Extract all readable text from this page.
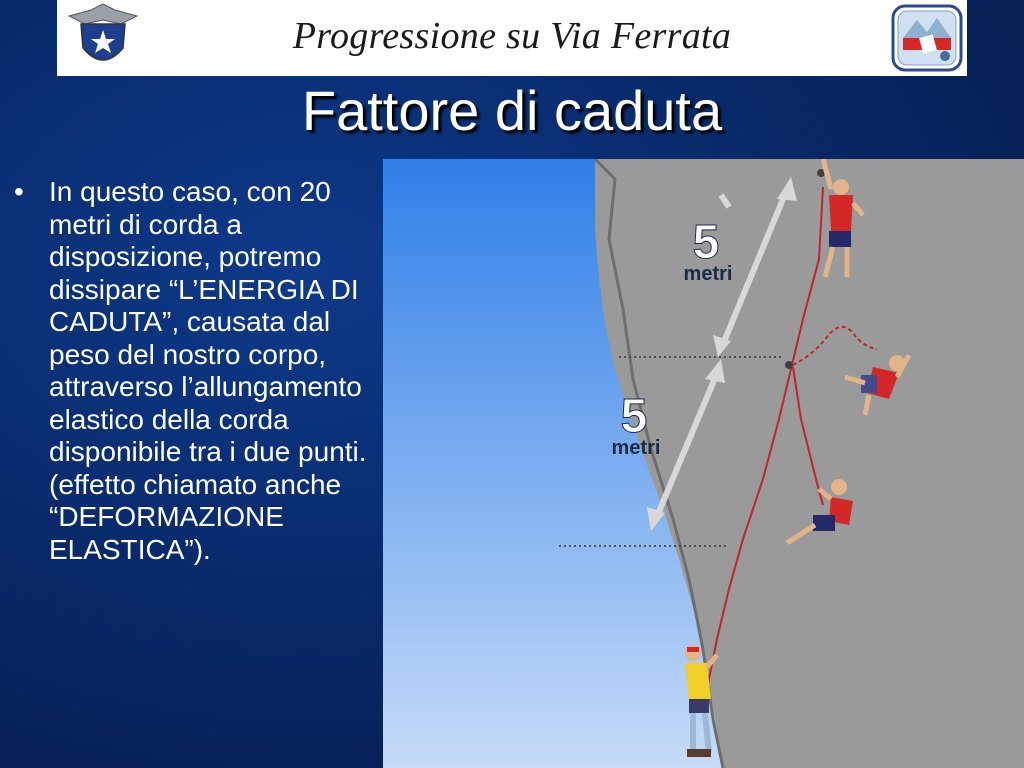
Progressione su Via Ferrata
Fattore di caduta
• In questo caso, con 20 metri di corda a disposizione, potremo dissipare “L’ENERGIA DI CADUTA”, causata dal peso del nostro corpo, attraverso l’allungamento elastico della corda disponibile tra i due punti.
(effetto chiamato anche “DEFORMAZIONE ELASTICA”).
5
metri
5
metri
